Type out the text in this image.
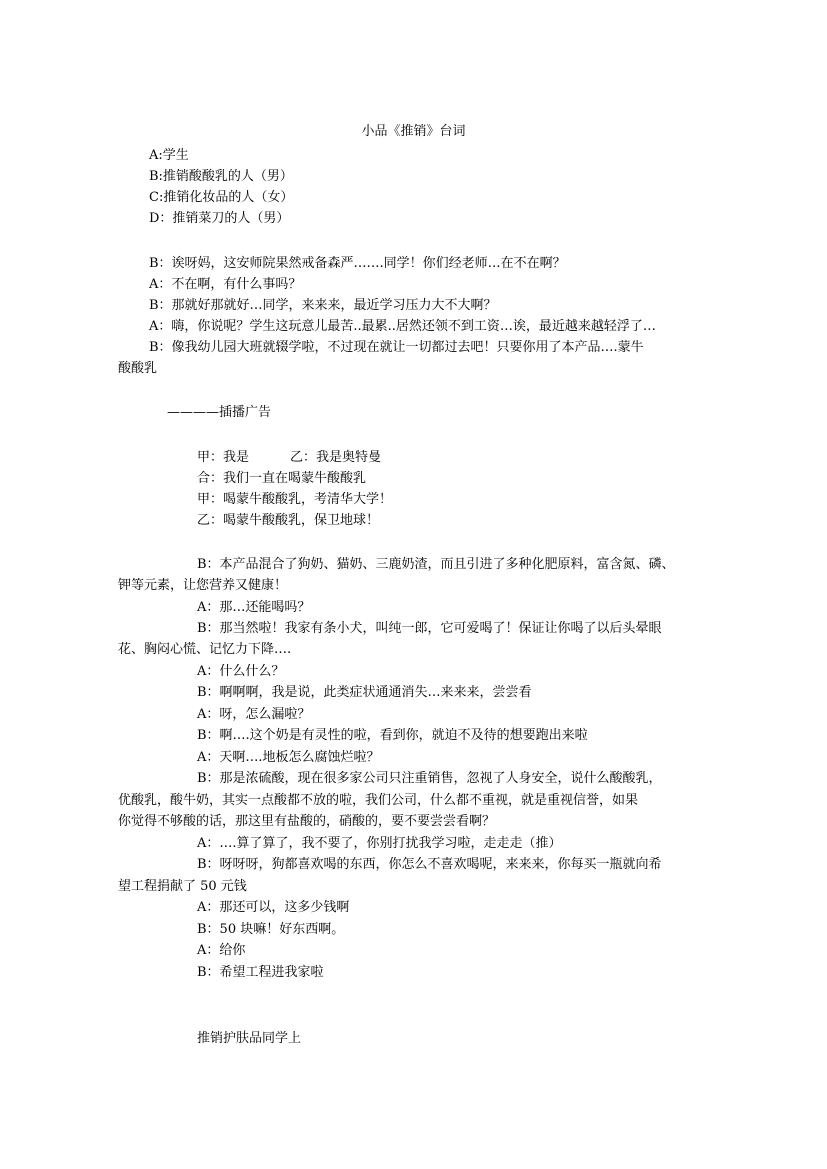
小品《推销》台词
A:学生
B:推销酸酸乳的人（男）
C:推销化妆品的人（女）
D：推销菜刀的人（男）
B：诶呀妈，这安师院果然戒备森严…….同学！你们经老师…在不在啊？
A：不在啊，有什么事吗？
B：那就好那就好…同学，来来来，最近学习压力大不大啊？
A：嗨，你说呢？学生这玩意儿最苦..最累..居然还领不到工资…诶，最近越来越轻浮了…
B：像我幼儿园大班就辍学啦，不过现在就让一切都过去吧！只要你用了本产品….蒙牛
酸酸乳
————插播广告
甲：我是	乙：我是奥特曼
合：我们一直在喝蒙牛酸酸乳
甲：喝蒙牛酸酸乳，考清华大学！
乙：喝蒙牛酸酸乳，保卫地球！
B：本产品混合了狗奶、猫奶、三鹿奶渣，而且引进了多种化肥原料，富含氮、磷、
钾等元素，让您营养又健康！
A：那…还能喝吗？
B：那当然啦！我家有条小犬，叫纯一郎，它可爱喝了！保证让你喝了以后头晕眼
花、胸闷心慌、记忆力下降….
A：什么什么？
B：啊啊啊，我是说，此类症状通通消失…来来来，尝尝看
A：呀，怎么漏啦？
B：啊….这个奶是有灵性的啦，看到你，就迫不及待的想要跑出来啦
A：天啊….地板怎么腐蚀烂啦？
B：那是浓硫酸，现在很多家公司只注重销售，忽视了人身安全，说什么酸酸乳，
优酸乳，酸牛奶，其实一点酸都不放的啦，我们公司，什么都不重视，就是重视信誉，如果
你觉得不够酸的话，那这里有盐酸的，硝酸的，要不要尝尝看啊？
A：….算了算了，我不要了，你别打扰我学习啦，走走走（推）
B：呀呀呀，狗都喜欢喝的东西，你怎么不喜欢喝呢，来来来，你每买一瓶就向希
望工程捐献了 50 元钱
A：那还可以，这多少钱啊
B：50 块嘛！好东西啊。
A：给你
B：希望工程进我家啦
推销护肤品同学上
